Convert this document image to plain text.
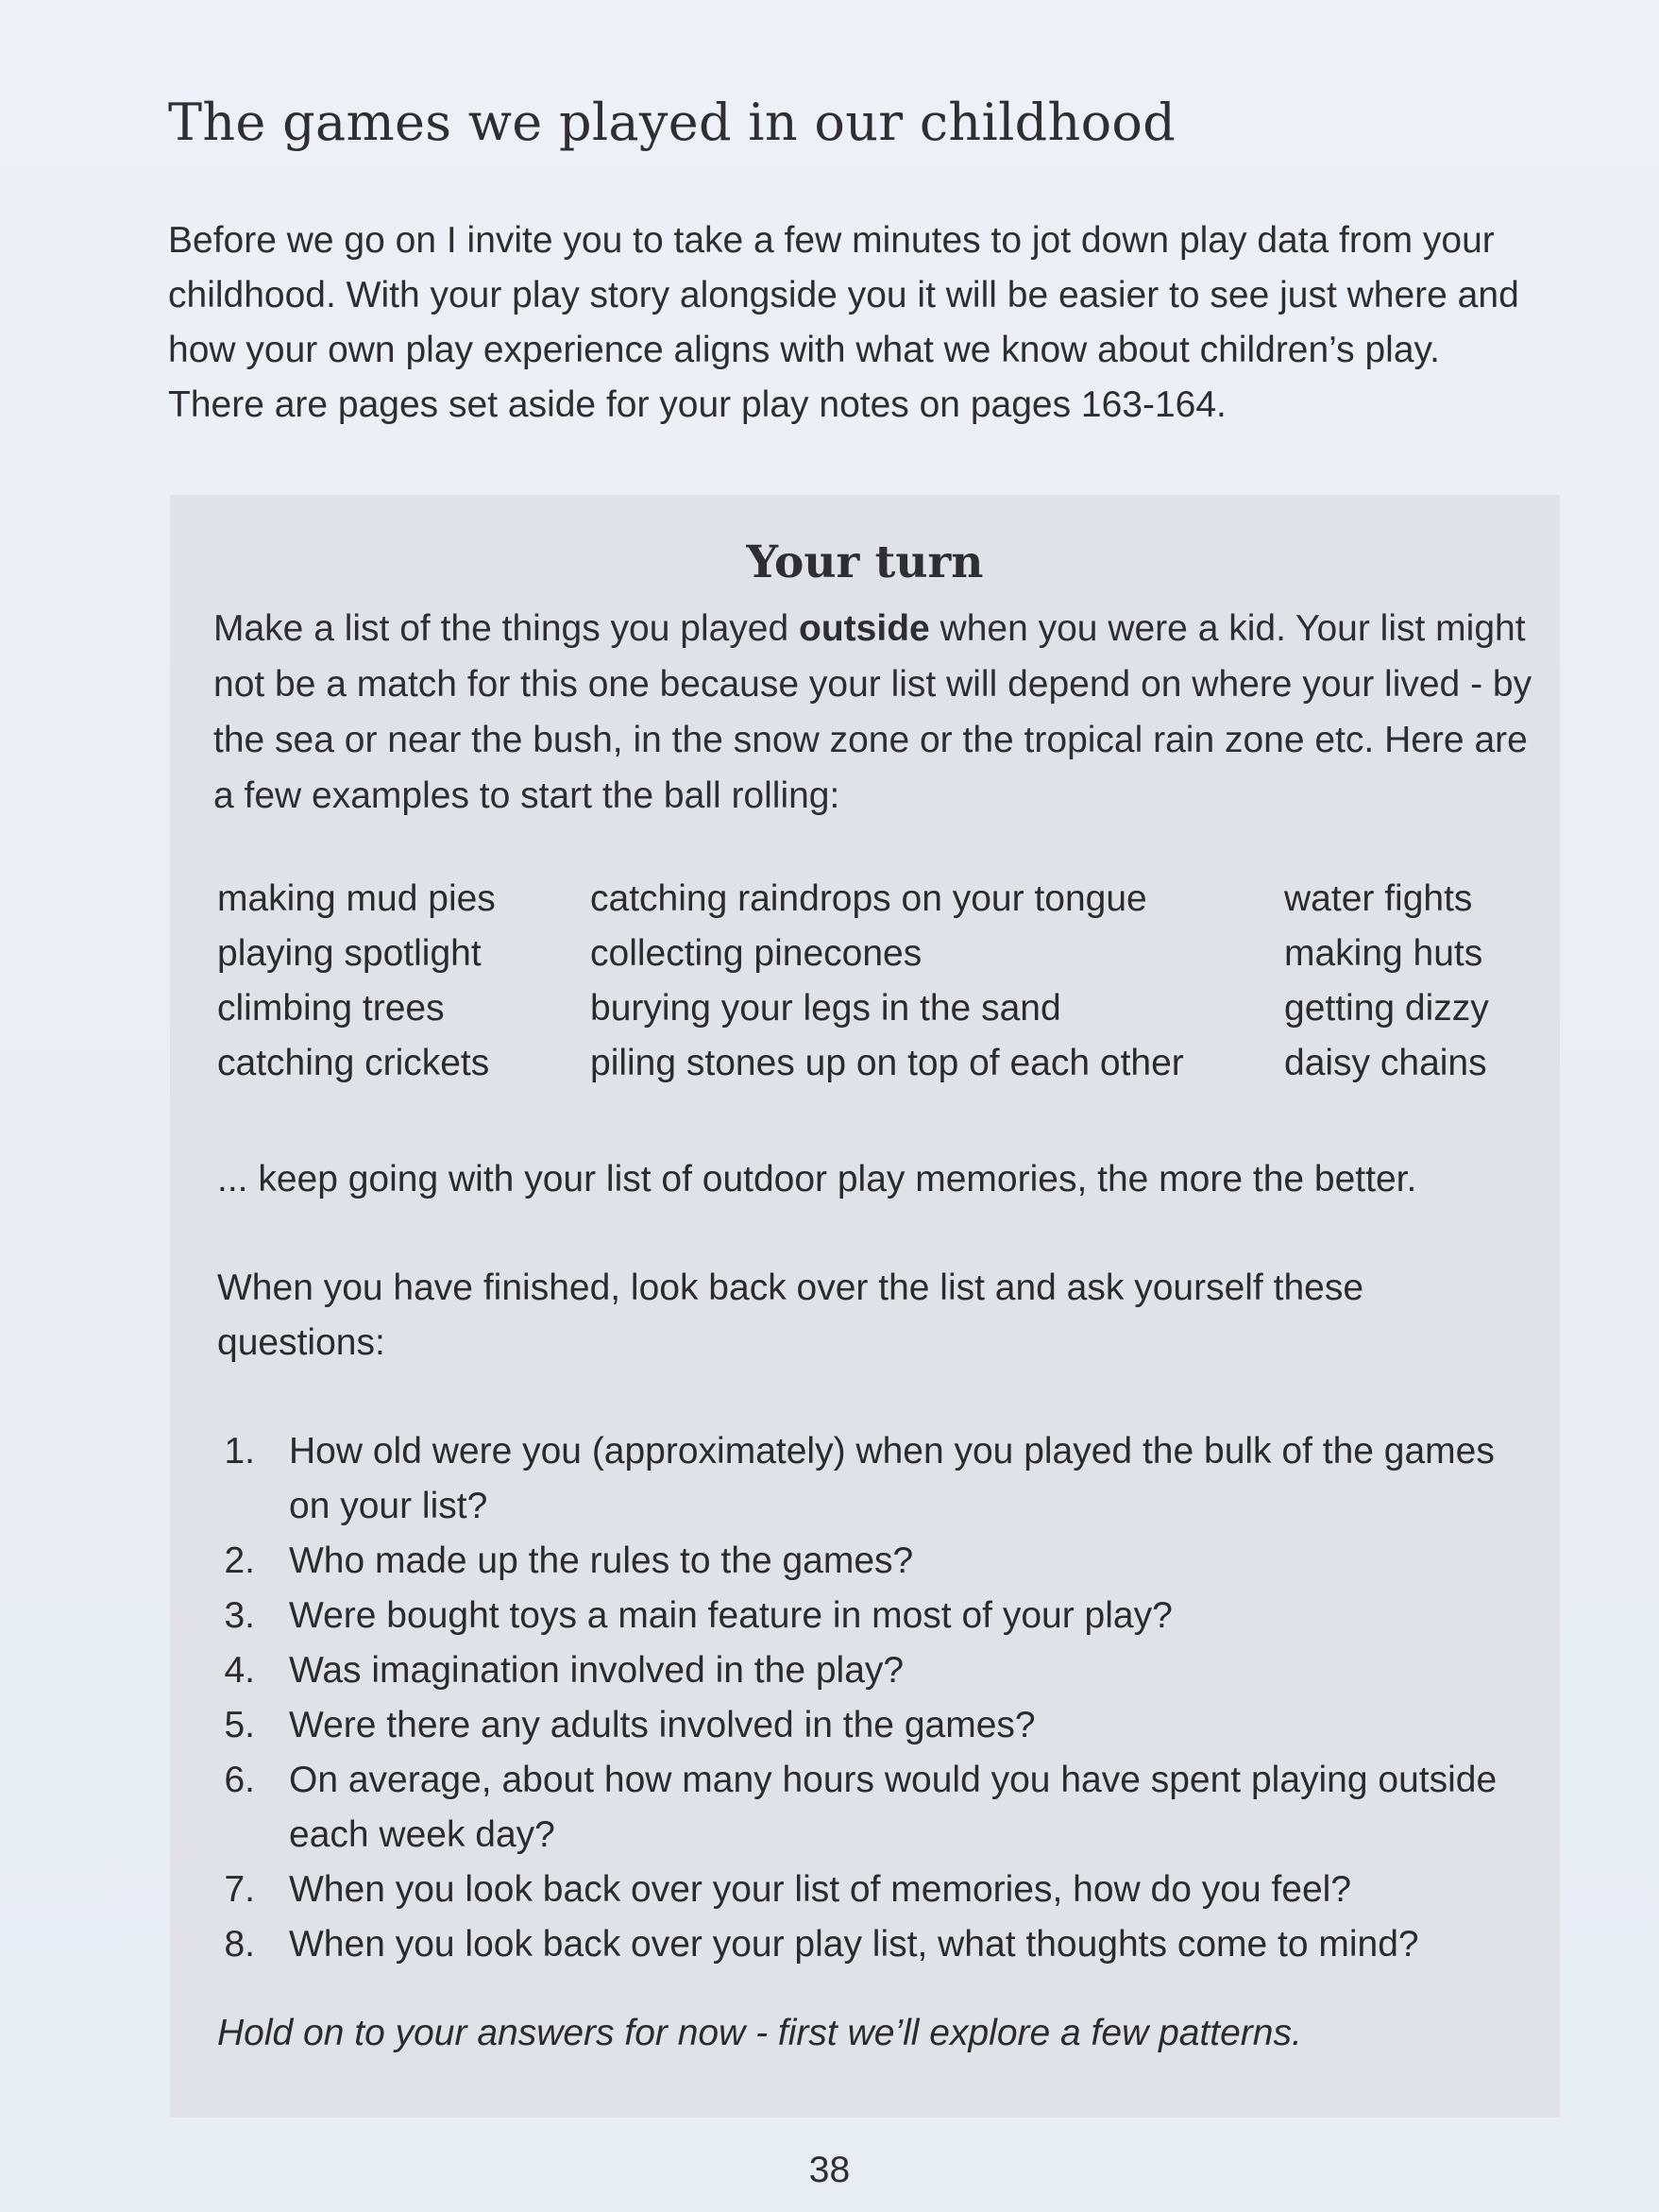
The games we played in our childhood

Before we go on I invite you to take a few minutes to jot down play data from your childhood. With your play story alongside you it will be easier to see just where and how your own play experience aligns with what we know about children’s play. There are pages set aside for your play notes on pages 163-164.

Your turn

Make a list of the things you played outside when you were a kid. Your list might not be a match for this one because your list will depend on where your lived - by the sea or near the bush, in the snow zone or the tropical rain zone etc. Here are a few examples to start the ball rolling:

making mud pies
playing spotlight
climbing trees
catching crickets
catching raindrops on your tongue
collecting pinecones
burying your legs in the sand
piling stones up on top of each other
water fights
making huts
getting dizzy
daisy chains

... keep going with your list of outdoor play memories, the more the better.

When you have finished, look back over the list and ask yourself these questions:

1. How old were you (approximately) when you played the bulk of the games on your list?
2. Who made up the rules to the games?
3. Were bought toys a main feature in most of your play?
4. Was imagination involved in the play?
5. Were there any adults involved in the games?
6. On average, about how many hours would you have spent playing outside each week day?
7. When you look back over your list of memories, how do you feel?
8. When you look back over your play list, what thoughts come to mind?

Hold on to your answers for now - first we’ll explore a few patterns.

38
